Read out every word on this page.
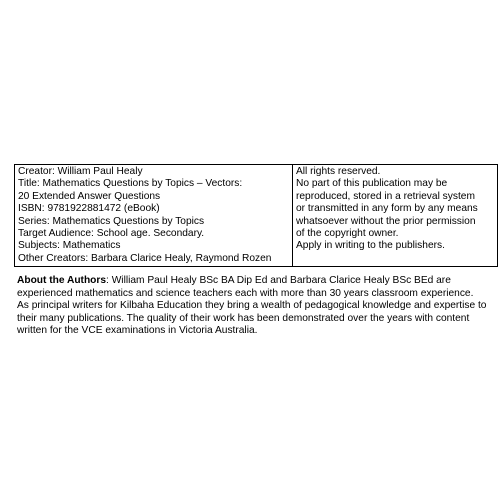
Creator: William Paul Healy
Title: Mathematics Questions by Topics – Vectors:
20 Extended Answer Questions
ISBN: 9781922881472 (eBook)
Series: Mathematics Questions by Topics
Target Audience: School age. Secondary.
Subjects: Mathematics
Other Creators: Barbara Clarice Healy, Raymond Rozen

All rights reserved.
No part of this publication may be
reproduced, stored in a retrieval system
or transmitted in any form by any means
whatsoever without the prior permission
of the copyright owner.
Apply in writing to the publishers.

About the Authors: William Paul Healy BSc BA Dip Ed and Barbara Clarice Healy BSc BEd are experienced mathematics and science teachers each with more than 30 years classroom experience. As principal writers for Kilbaha Education they bring a wealth of pedagogical knowledge and expertise to their many publications. The quality of their work has been demonstrated over the years with content written for the VCE examinations in Victoria Australia.
